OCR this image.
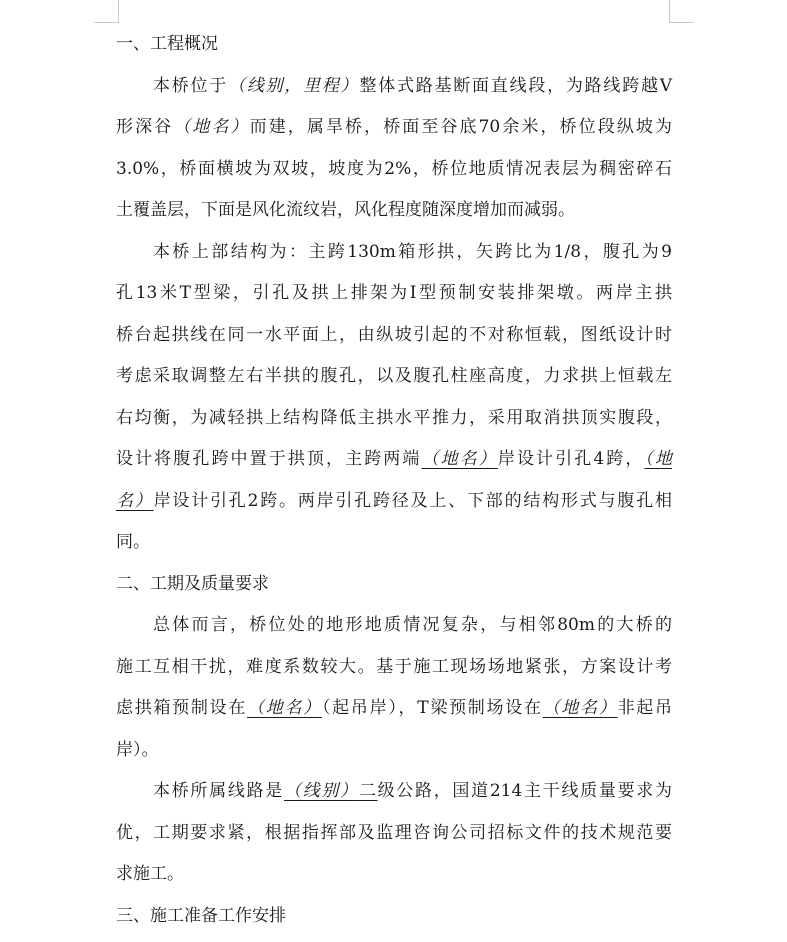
一、工程概况

本桥位于（线别，里程）整体式路基断面直线段，为路线跨越V
形深谷（地名）而建，属旱桥，桥面至谷底70余米，桥位段纵坡为
3.0%，桥面横坡为双坡，坡度为2%，桥位地质情况表层为稠密碎石
土覆盖层，下面是风化流纹岩，风化程度随深度增加而减弱。
本桥上部结构为：主跨130m箱形拱，矢跨比为1/8，腹孔为9
孔13米T型梁，引孔及拱上排架为I型预制安装排架墩。两岸主拱
桥台起拱线在同一水平面上，由纵坡引起的不对称恒载，图纸设计时
考虑采取调整左右半拱的腹孔，以及腹孔柱座高度，力求拱上恒载左
右均衡，为减轻拱上结构降低主拱水平推力，采用取消拱顶实腹段，
设计将腹孔跨中置于拱顶，主跨两端（地名）岸设计引孔4跨，（地
名）岸设计引孔2跨。两岸引孔跨径及上、下部的结构形式与腹孔相
同。

二、工期及质量要求

总体而言，桥位处的地形地质情况复杂，与相邻80m的大桥的
施工互相干扰，难度系数较大。基于施工现场场地紧张，方案设计考
虑拱箱预制设在（地名）（起吊岸），T梁预制场设在（地名）非起吊
岸）。
本桥所属线路是（线别）二级公路，国道214主干线质量要求为
优，工期要求紧，根据指挥部及监理咨询公司招标文件的技术规范要
求施工。

三、施工准备工作安排
